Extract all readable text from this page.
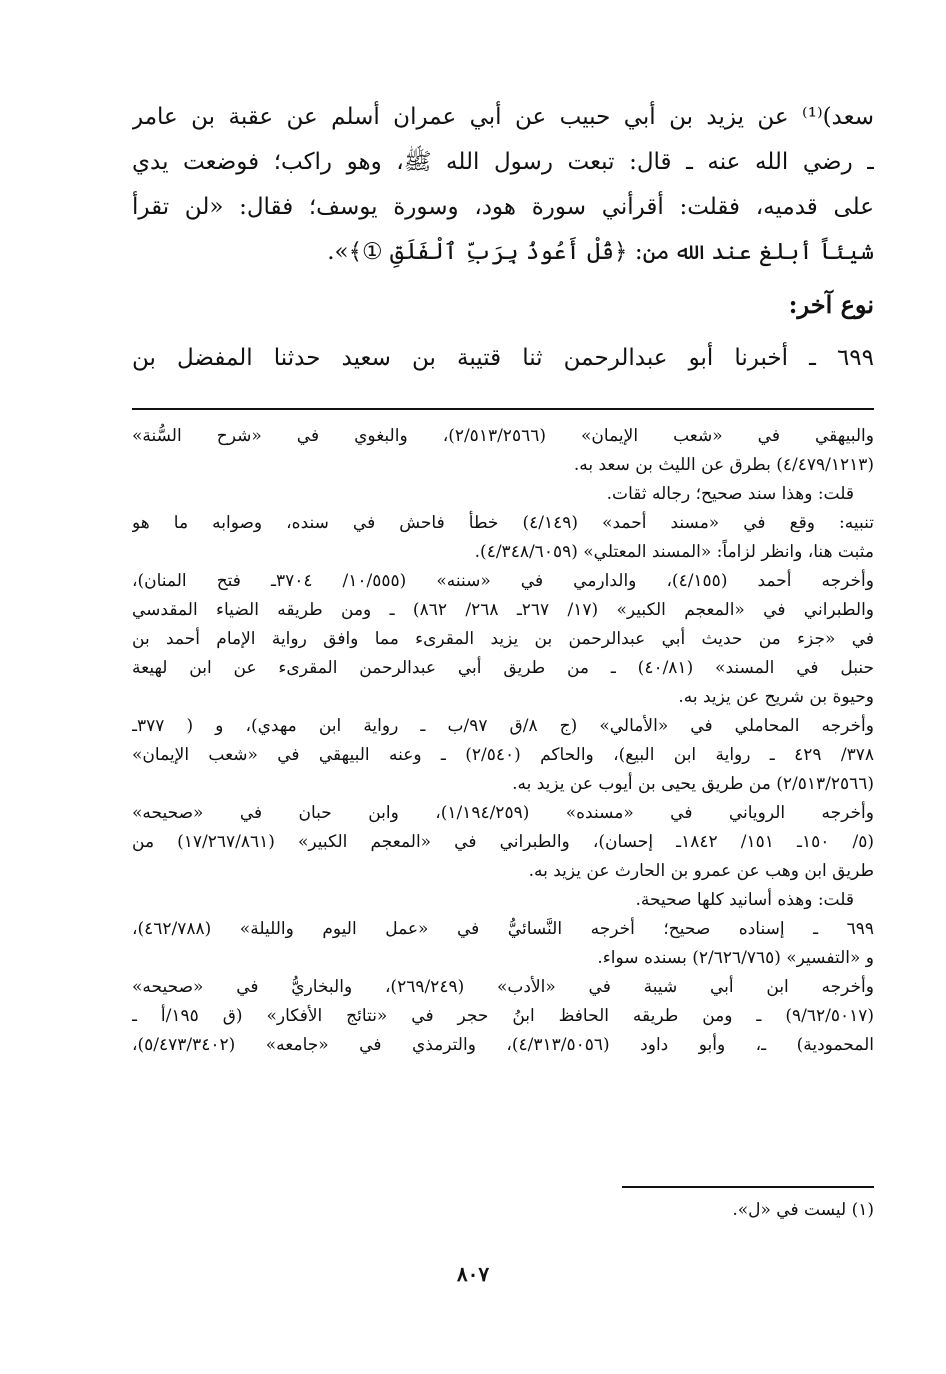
سعد)⁽¹⁾ عن يزيد بن أبي حبيب عن أبي عمران أسلم عن عقبة بن عامر
ـ رضي الله عنه ـ قال: تبعت رسول الله ﷺ، وهو راكب؛ فوضعت يدي
على قدميه، فقلت: أقرأني سورة هود، وسورة يوسف؛ فقال: «لن تقرأ
شيئاً أبلغ عند الله من: ﴿قُلْ أَعُوذُ بِرَبِّ ٱلْفَلَقِ ①﴾».
نوع آخر:
٦٩٩ ـ أخبرنا أبو عبدالرحمن ثنا قتيبة بن سعيد حدثنا المفضل بن
والبيهقي في «شعب الإيمان» (٢/٥١٣/٢٥٦٦)، والبغوي في «شرح السُّنة»
(٤/٤٧٩/١٢١٣) بطرق عن الليث بن سعد به.
قلت: وهذا سند صحيح؛ رجاله ثقات.
تنبيه: وقع في «مسند أحمد» (٤/١٤٩) خطأ فاحش في سنده، وصوابه ما هو
مثبت هنا، وانظر لزاماً: «المسند المعتلي» (٤/٣٤٨/٦٠٥٩).
وأخرجه أحمد (٤/١٥٥)، والدارمي في «سننه» (١٠/٥٥٥/ ٣٧٠٤ـ فتح المنان)،
والطبراني في «المعجم الكبير» (١٧/ ٢٦٧ـ ٢٦٨/ ٨٦٢) ـ ومن طريقه الضياء المقدسي
في «جزء من حديث أبي عبدالرحمن بن يزيد المقرىء مما وافق رواية الإمام أحمد بن
حنبل في المسند» (٤٠/٨١) ـ من طريق أبي عبدالرحمن المقرىء عن ابن لهيعة
وحيوة بن شريح عن يزيد به.
وأخرجه المحاملي في «الأمالي» (ج ٨/ق ٩٧/ب ـ رواية ابن مهدي)، و ( ٣٧٧ـ
٣٧٨/ ٤٢٩ ـ رواية ابن البيع)، والحاكم (٢/٥٤٠) ـ وعنه البيهقي في «شعب الإيمان»
(٢/٥١٣/٢٥٦٦) من طريق يحيى بن أيوب عن يزيد به.
وأخرجه الروياني في «مسنده» (١/١٩٤/٢٥٩)، وابن حبان في «صحيحه»
(٥/ ١٥٠ـ ١٥١/ ١٨٤٢ـ إحسان)، والطبراني في «المعجم الكبير» (١٧/٢٦٧/٨٦١) من
طريق ابن وهب عن عمرو بن الحارث عن يزيد به.
قلت: وهذه أسانيد كلها صحيحة.
٦٩٩ ـ إسناده صحيح؛ أخرجه النَّسائيُّ في «عمل اليوم والليلة» (٤٦٢/٧٨٨)،
و «التفسير» (٢/٦٢٦/٧٦٥) بسنده سواء.
وأخرجه ابن أبي شيبة في «الأدب» (٢٦٩/٢٤٩)، والبخاريُّ في «صحيحه»
(٩/٦٢/٥٠١٧) ـ ومن طريقه الحافظ ابنُ حجر في «نتائج الأفكار» (ق ١٩٥/أ ـ
المحمودية) ـ، وأبو داود (٤/٣١٣/٥٠٥٦)، والترمذي في «جامعه» (٥/٤٧٣/٣٤٠٢)،
(١) ليست في «ل».
٨٠٧
